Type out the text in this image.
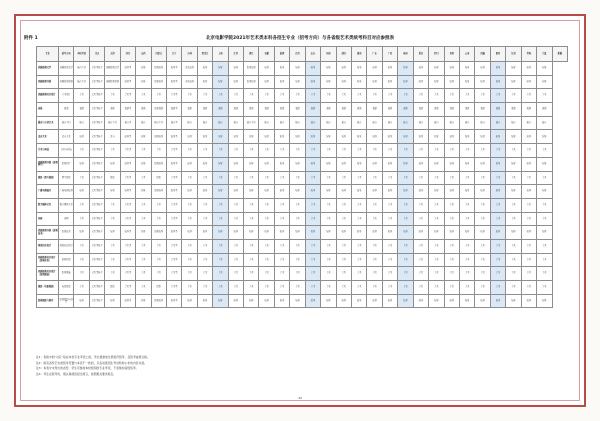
附件 1	北京电影学院2021年艺术类本科各招生专业（招考方向）与各省级艺术类统考科目对应参照表
专业	招考方向	本校考试	北京	天津	河北	山西	内蒙古	辽宁	吉林	黑龙江	上海	江苏	浙江	安徽	福建	江西	山东	河南	湖北	湖南	广东	广西	海南	重庆	四川	贵州	云南	西藏	陕西	甘肃	青海	宁夏	新疆
戏剧影视文学	戏剧影视文学	播音主持	艺术类统考	戏剧影视文学	编导类	编导	影视编导	编导类	戏文编导	编导	编导	编导	影视编导	编导	编导	编导	编导	编导	编导	编导	编导	编导	编导	编导	编导	编导	编导	编导	编导	编导	编导	编导	
戏剧影视导演	戏剧影视导演	播音主持	艺术类统考	戏剧影视导演	编导类	编导	影视编导	编导类	戏文编导	编导	编导	编导	影视编导	编导	编导	编导	编导	编导	编导	编导	编导	编导	编导	编导	编导	编导	编导	编导	编导	编导	编导	编导	
戏剧影视美术设计	美术设计	美术	艺术类统考	美术	美术类	美术	美术	美术类	美术	美术	美术	美术	美术	美术	美术	美术	美术	美术	美术	美术	美术	美术	美术	美术	美术	美术	美术	美术	美术	美术	美术	美术	
表演	表演	表演	艺术类统考	表演	表演类	表演	影视表演	表演类	表演	表演	表演	表演	表演	表演	表演	表演	表演	表演	表演	表演	表演	表演	表演	表演	表演	表演	表演	表演	表演	表演	表演	表演	
播音与主持艺术	播音主持	播音	艺术类统考	播音主持	播音类	播音	播音主持	播音类	播音	播音	播音	播音	播音主持	播音	播音	播音	播音	播音	播音	播音	播音	播音	播音	播音	播音	播音	播音	播音	播音	播音	播音	播音	
录音艺术	录音艺术	编导	艺术类统考	录音	编导类	编导	影视编导	编导类	编导	编导	编导	编导	编导	编导	编导	编导	编导	编导	编导	编导	编导	编导	编导	编导	编导	编导	编导	编导	编导	编导	编导	编导	
艺术与科技	艺术与科技	美术	艺术类统考	美术	美术类	美术	美术	美术类	美术	美术	美术	美术	美术	美术	美术	美术	美术	美术	美术	美术	美术	美术	美术	美术	美术	美术	美术	美术	美术	美术	美术	美术	
戏剧影视导演（影视制片）	影视制片	编导	艺术类统考	编导	编导类	编导	影视编导	编导类	编导	编导	编导	编导	编导	编导	编导	编导	编导	编导	编导	编导	编导	编导	编导	编导	编导	编导	编导	编导	编导	编导	编导	编导	
摄影（图片摄影）	图片摄影	美术	艺术类统考	摄影	美术类	美术	摄影	美术类	美术	美术	美术	美术	美术	美术	美术	美术	美术	美术	美术	美术	美术	美术	美术	美术	美术	美术	美术	美术	美术	美术	美术	美术	
广播电视编导	广播电视编导	编导	艺术类统考	编导	编导类	编导	影视编导	编导类	编导	编导	编导	编导	编导	编导	编导	编导	编导	编导	编导	编导	编导	编导	编导	编导	编导	编导	编导	编导	编导	编导	编导	编导	
数字媒体艺术	数字媒体艺术	美术	艺术类统考	美术	美术类	美术	美术	美术类	美术	美术	美术	美术	美术	美术	美术	美术	美术	美术	美术	美术	美术	美术	美术	美术	美术	美术	美术	美术	美术	美术	美术	美术	
动画	动画	美术	艺术类统考	美术	美术类	美术	美术	美术类	美术	美术	美术	美术	美术	美术	美术	美术	美术	美术	美术	美术	美术	美术	美术	美术	美术	美术	美术	美术	美术	美术	美术	美术	
戏剧影视导演（影视技术）	影视技术	编导	艺术类统考	编导	编导类	编导	影视编导	编导类	编导	编导	编导	编导	编导	编导	编导	编导	编导	编导	编导	编导	编导	编导	编导	编导	编导	编导	编导	编导	编导	编导	编导	编导	
视觉传达设计	视觉传达设计	美术	艺术类统考	美术	美术类	美术	美术	美术类	美术	美术	美术	美术	美术	美术	美术	美术	美术	美术	美术	美术	美术	美术	美术	美术	美术	美术	美术	美术	美术	美术	美术	美术	
戏剧影视美术设计（影视化妆）	影视化妆	美术	艺术类统考	美术	美术类	美术	美术	美术类	美术	美术	美术	美术	美术	美术	美术	美术	美术	美术	美术	美术	美术	美术	美术	美术	美术	美术	美术	美术	美术	美术	美术	美术	
戏剧影视美术设计（影视服装）	影视服装	美术	艺术类统考	美术	美术类	美术	美术	美术类	美术	美术	美术	美术	美术	美术	美术	美术	美术	美术	美术	美术	美术	美术	美术	美术	美术	美术	美术	美术	美术	美术	美术	美术	
摄影（电影摄影）	电影摄影	美术	艺术类统考	摄影	美术类	美术	摄影	美术类	美术	美术	美术	美术	美术	美术	美术	美术	美术	美术	美术	美术	美术	美术	美术	美术	美术	美术	美术	美术	美术	美术	美术	美术	
影视摄影与制作	影视摄影与制作	编导	艺术类统考	编导	编导类	编导	影视编导	编导类	编导	编导	编导	编导	编导	编导	编导	编导	编导	编导	编导	编导	编导	编导	编导	编导	编导	编导	编导	编导	编导	编导	编导	编导	
注1：表格中的“对应”指在本校专业考试之前，学生须参加生源省份统考，且统考成绩合格。
注2：如有省份艺术类统考设置与本表不一致的，以各省级招生考试机构公布的内容为准。
注3：本表中未列出的省份，学生可参加本校组织的专业考试，不需参加省级统考。
注4：考生在报考时，须认真阅读招生简章，按照相关要求报名。
34
